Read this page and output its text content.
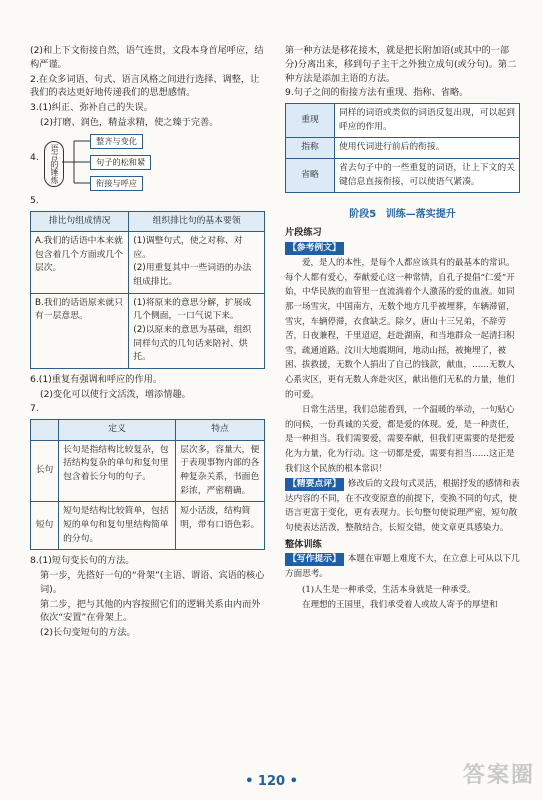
(2)和上下文衔接自然，语气连贯，文段本身首尾呼应，结构严谨。

2.在众多词语、句式、语言风格之间进行选择、调整，让我们的表达更好地传递我们的思想感情。

3.(1)纠正、弥补自己的失误。

(2)打磨、润色，精益求精，使之臻于完善。

4.	语言的锤炼
整齐与变化
句子的松和紧
衔接与呼应

5.

排比句组成情况	组织排比句的基本要领
A.我们的话语中本来就包含着几个方面或几个层次。	(1)调整句式，使之对称、对应。
(2)用重复其中一些词语的办法组成排比。
B.我们的话语原来就只有一层意思。	(1)将原来的意思分解，扩展成几个侧面，一口气说下来。
(2)以原来的意思为基础，组织同样句式的几句话来陪衬、烘托。

6.(1)重复有强调和呼应的作用。

(2)变化可以使行文活泼，增添情趣。

7.

	定义	特点
长句	长句是指结构比较复杂，包括结构复杂的单句和复句里包含着长分句的句子。	层次多，容量大，便于表现事物内部的各种复杂关系，书面色彩浓，严密精确。
短句	短句是结构比较简单，包括短的单句和复句里结构简单的分句。	短小活泼，结构简明，带有口语色彩。

8.(1)短句变长句的方法。

第一步，先搭好一句的“骨架”(主语、谓语、宾语的核心词)。

第二步，把与其他的内容按照它们的逻辑关系由内而外依次“安置”在骨架上。

(2)长句变短句的方法。

第一种方法是移花接木，就是把长附加语(或其中的一部分)分离出来，移到句子主干之外独立成句(或分句)。第二种方法是添加主语的方法。

9.句子之间的衔接方法有重现、指称、省略。

重现	同样的词语或类似的词语反复出现，可以起到呼应的作用。

指称	使用代词进行前后的衔接。
省略	省去句子中的一些重复的词语，让上下文的关键信息直接衔接，可以使语气紧凑。
阶段5 训练—落实提升

片段练习

【参考例文】

爱，是人的本性，是每个人都应该具有的最基本的常识。每个人都有爱心，奉献爱心这一种常情，自孔子提倡“仁爱”开始，中华民族的血管里一直流淌着个人激荡的爱的血液。如同那一场雪灾，中国南方，无数个地方几乎被埋葬，车辆滞留，雪灾，车辆停滞，衣食缺乏。除夕，唐山十三兄弟，不辞劳苦，日夜兼程，千里迢迢，赶赴湖南，和当地群众一起清扫积雪，疏通道路。汶川大地震期间，地动山摇，被掩埋了，被困、拔救援，无数个人捐出了自己的钱款，献血，……无数人心系灾区，更有无数人奔赴灾区，献出他们无私的力量，他们的可爱。

日常生活里，我们总能看到，一个温暖的举动，一句贴心的问候，一份真诚的关爱，都是爱的体现。爱，是一种责任，是一种担当。我们需要爱，需要奉献，但我们更需要的是把爱化为力量，化为行动。这一切都是爱，需要有担当……这正是我们这个民族的根本常识！

【精要点评】 修改后的文段句式灵活，根据抒发的感情和表达内容的不同，在不改变原意的前提下，变换不同的句式，使语言更富于变化，更有表现力。长句整句使说理严密，短句散句使表达活泼，整散结合，长短交错，使文章更具感染力。

整体训练

【写作提示】 本题在审题上难度不大，在立意上可从以下几方面思考。

(1)人生是一种承受，生活本身就是一种承受。

在理想的王国里，我们承受着人或故人寄予的厚望和

• 120 •	答案圈
